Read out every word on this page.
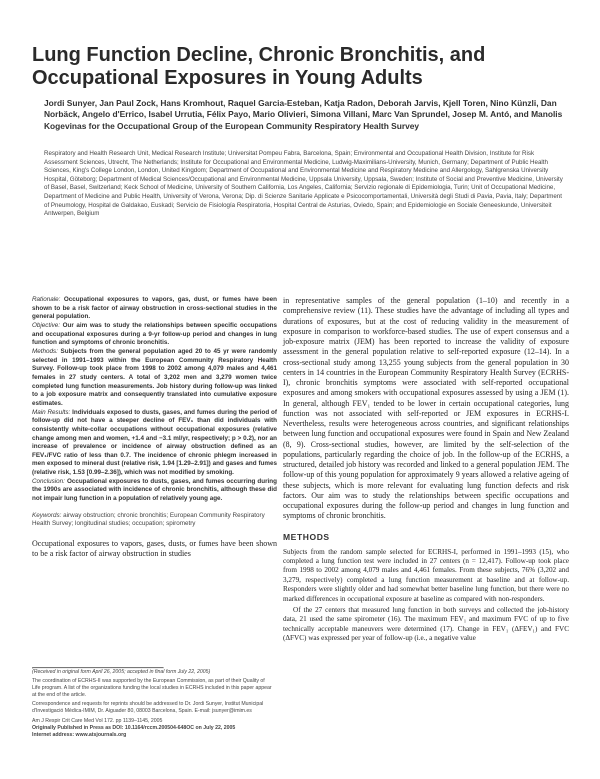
Lung Function Decline, Chronic Bronchitis, and Occupational Exposures in Young Adults
Jordi Sunyer, Jan Paul Zock, Hans Kromhout, Raquel Garcia-Esteban, Katja Radon, Deborah Jarvis, Kjell Toren, Nino Künzli, Dan Norbäck, Angelo d'Errico, Isabel Urrutia, Félix Payo, Mario Olivieri, Simona Villani, Marc Van Sprundel, Josep M. Antó, and Manolis Kogevinas for the Occupational Group of the European Community Respiratory Health Survey
Respiratory and Health Research Unit, Medical Research Institute; Universitat Pompeu Fabra, Barcelona, Spain; Environmental and Occupational Health Division, Institute for Risk Assessment Sciences, Utrecht, The Netherlands; Institute for Occupational and Environmental Medicine, Ludwig-Maximilians-University, Munich, Germany; Department of Public Health Sciences, King's College London, London, United Kingdom; Department of Occupational and Environmental Medicine and Respiratory Medicine and Allergology, Sahlgrenska University Hospital, Göteborg; Department of Medical Sciences/Occupational and Environmental Medicine, Uppsala University, Uppsala, Sweden; Institute of Social and Preventive Medicine, University of Basel, Basel, Switzerland; Keck School of Medicine, University of Southern California, Los Angeles, California; Servizio regionale di Epidemiologia, Turin; Unit of Occupational Medicine, Department of Medicine and Public Health, University of Verona, Verona; Dip. di Scienze Sanitarie Applicate e Psicocomportamentali, Università degli Studi di Pavia, Pavia, Italy; Department of Pneumology, Hospital de Galdakao, Euskadi; Servicio de Fisiología Respiratoria, Hospital Central de Asturias, Oviedo, Spain; and Epidemiologie en Sociale Geneeskunde, Universiteit Antwerpen, Belgium

Rationale: Occupational exposures to vapors, gas, dust, or fumes have been shown to be a risk factor of airway obstruction in cross-sectional studies in the general population.

Objective: Our aim was to study the relationships between specific occupations and occupational exposures during a 9-yr follow-up period and changes in lung function and symptoms of chronic bronchitis.

Methods: Subjects from the general population aged 20 to 45 yr were randomly selected in 1991–1993 within the European Community Respiratory Health Survey. Follow-up took place from 1998 to 2002 among 4,079 males and 4,461 females in 27 study centers. A total of 3,202 men and 3,279 women twice completed lung function measurements. Job history during follow-up was linked to a job exposure matrix and consequently translated into cumulative exposure estimates.

Main Results: Individuals exposed to dusts, gases, and fumes during the period of follow-up did not have a steeper decline of FEV₁ than did individuals with consistently white-collar occupations without occupational exposures (relative change among men and women, +1.4 and −3.1 ml/yr, respectively; p > 0.2), nor an increase of prevalence or incidence of airway obstruction defined as an FEV₁/FVC ratio of less than 0.7. The incidence of chronic phlegm increased in men exposed to mineral dust (relative risk, 1.94 [1.29–2.91]) and gases and fumes (relative risk, 1.53 [0.99–2.36]), which was not modified by smoking.

Conclusion: Occupational exposures to dusts, gases, and fumes occurring during the 1990s are associated with incidence of chronic bronchitis, although these did not impair lung function in a population of relatively young age.

Keywords: airway obstruction; chronic bronchitis; European Community Respiratory Health Survey; longitudinal studies; occupation; spirometry

Occupational exposures to vapors, gases, dusts, or fumes have been shown to be a risk factor of airway obstruction in studies

(Received in original form April 26, 2005; accepted in final form July 22, 2005)

The coordination of ECRHS-II was supported by the European Commission, as part of their Quality of Life program. A list of the organizations funding the local studies in ECRHS included in this paper appear at the end of the article.

Correspondence and requests for reprints should be addressed to Dr. Jordi Sunyer, Institut Municipal d'Investigació Mèdica-IMIM, Dr. Aiguader 80, 08003 Barcelona, Spain. E-mail: jsunyer@imim.es

Am J Respir Crit Care Med Vol 172. pp 1139–1145, 2005

Originally Published in Press as DOI: 10.1164/rccm.200504-648OC on July 22, 2005

Internet address: www.atsjournals.org

in representative samples of the general population (1–10) and recently in a comprehensive review (11). These studies have the advantage of including all types and durations of exposures, but at the cost of reducing validity in the measurement of exposure in comparison to workforce-based studies. The use of expert consensus and a job-exposure matrix (JEM) has been reported to increase the validity of exposure assessment in the general population relative to self-reported exposure (12–14). In a cross-sectional study among 13,255 young subjects from the general population in 30 centers in 14 countries in the European Community Respiratory Health Survey (ECRHS-I), chronic bronchitis symptoms were associated with self-reported occupational exposures and among smokers with occupational exposures assessed by using a JEM (1). In general, although FEV₁ tended to be lower in certain occupational categories, lung function was not associated with self-reported or JEM exposures in ECRHS-I. Nevertheless, results were heterogeneous across countries, and significant relationships between lung function and occupational exposures were found in Spain and New Zealand (8, 9). Cross-sectional studies, however, are limited by the self-selection of the populations, particularly regarding the choice of job. In the follow-up of the ECRHS, a structured, detailed job history was recorded and linked to a general population JEM. The follow-up of this young population for approximately 9 years allowed a relative ageing of these subjects, which is more relevant for evaluating lung function defects and risk factors. Our aim was to study the relationships between specific occupations and occupational exposures during the follow-up period and changes in lung function and symptoms of chronic bronchitis.

METHODS

Subjects from the random sample selected for ECRHS-I, performed in 1991–1993 (15), who completed a lung function test were included in 27 centers (n = 12,417). Follow-up took place from 1998 to 2002 among 4,079 males and 4,461 females. From these subjects, 76% (3,202 and 3,279, respectively) completed a lung function measurement at baseline and at follow-up. Responders were slightly older and had somewhat better baseline lung function, but there were no marked differences in occupational exposure at baseline as compared with non-responders.

Of the 27 centers that measured lung function in both surveys and collected the job-history data, 21 used the same spirometer (16). The maximum FEV₁ and maximum FVC of up to five technically acceptable maneuvers were determined (17). Change in FEV₁ (ΔFEV₁) and FVC (ΔFVC) was expressed per year of follow-up (i.e., a negative value
